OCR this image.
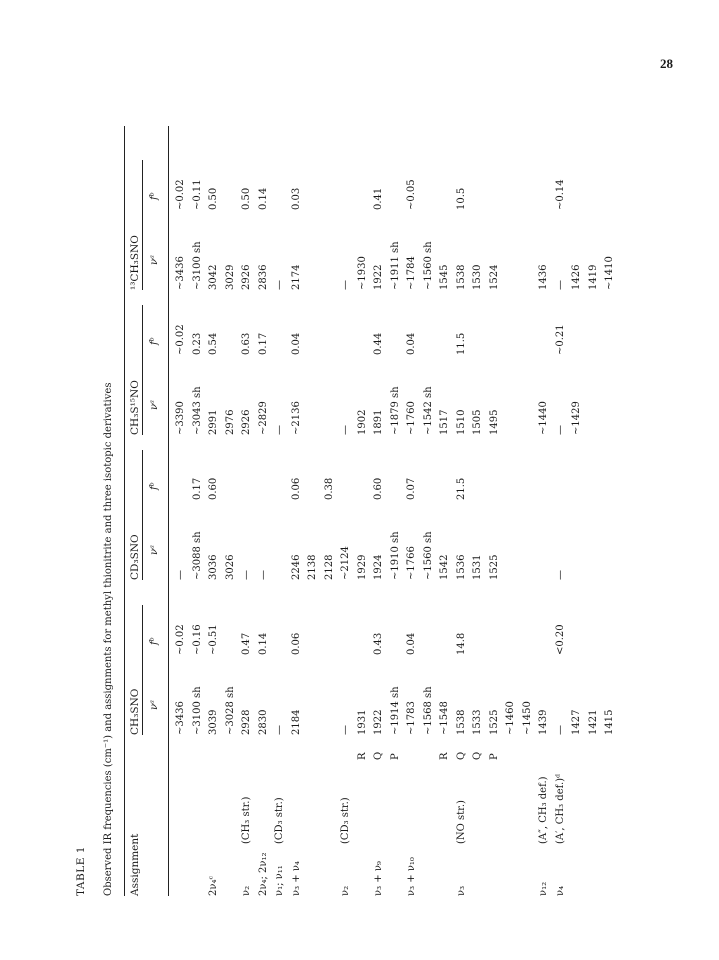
28
TABLE 1 Observed IR frequencies (cm⁻¹) and assignments for methyl thionitrite and three isotopic derivatives Assignment
CH₃SNO νᵃ
fᵇ
CD₃SNO νᵃ
fᵇ
CH₃S¹⁵NO νᵃ
fᵇ
¹³CH₃SNO νᵃ
fᵇ
~3436
~0.02
—
~3390
~0.02
~3436
~0.02
~3100 sh
~0.16
~3088 sh
0.17
~3043 sh
0.23
~3100 sh
~0.11
2ν₄ᶜ
3039
~0.51
3036
0.60
2991
0.54
3042
0.50
~3028 sh
3026
2976
3029
ν₂
(CH₃ str.)
2928
0.47
—
2926
0.63
2926
0.50
2ν₄; 2ν₁₂
2830
0.14
—
~2829
0.17
2836
0.14
ν₁; ν₁₁
(CD₃ str.)
—
—
—
ν₃ + ν₄
2184
0.06
2246
0.06
~2136
0.04
2174
0.03
2138 2128
0.38
ν₂
(CD₃ str.)
—
~2124
—
—
R
1931
1929
1902
~1930
ν₃ + ν₉
Q
1922
0.43
1924
0.60
1891
0.44
1922
0.41
P
~1914 sh
~1910 sh
~1879 sh
~1911 sh
ν₃ + ν₁₀
~1783
0.04
~1766
0.07
~1760
0.04
~1784
~0.05
~1568 sh
~1560 sh
~1542 sh
~1560 sh
R
~1548
1542
1517
1545
ν₃
(NO str.)
Q
1538
14.8
1536
21.5
1510
11.5
1538
10.5
Q
1533
1531
1505
1530
P
1525
1525
1495
1524
~1460 ~1450
ν₁₂
(A″, CH₃ def.)
1439
~1440
1436
ν₄
(A′, CH₃ def.)ᵈ
—
<0.20
—
—
~0.21
—
~0.14
1427
~1429
1426
1421
1419
1415
~1410
